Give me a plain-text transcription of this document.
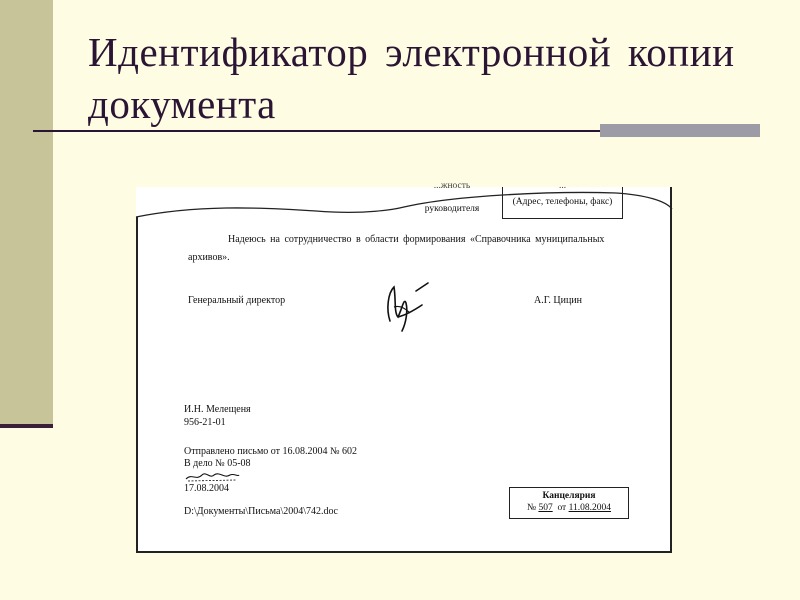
Идентификатор электронной копии документа
...жность
руководителя
...
(Адрес, телефоны, факс)
Надеюсь на сотрудничество в области формирования «Справочника муниципальных
архивов».
Генеральный директор	А.Г. Цицин
И.Н. Мелещеня
956-21-01
Отправлено письмо от 16.08.2004 № 602
В дело № 05-08
17.08.2004
D:\Документы\Письма\2004\742.doc
Канцелярия
№ 507 от 11.08.2004
